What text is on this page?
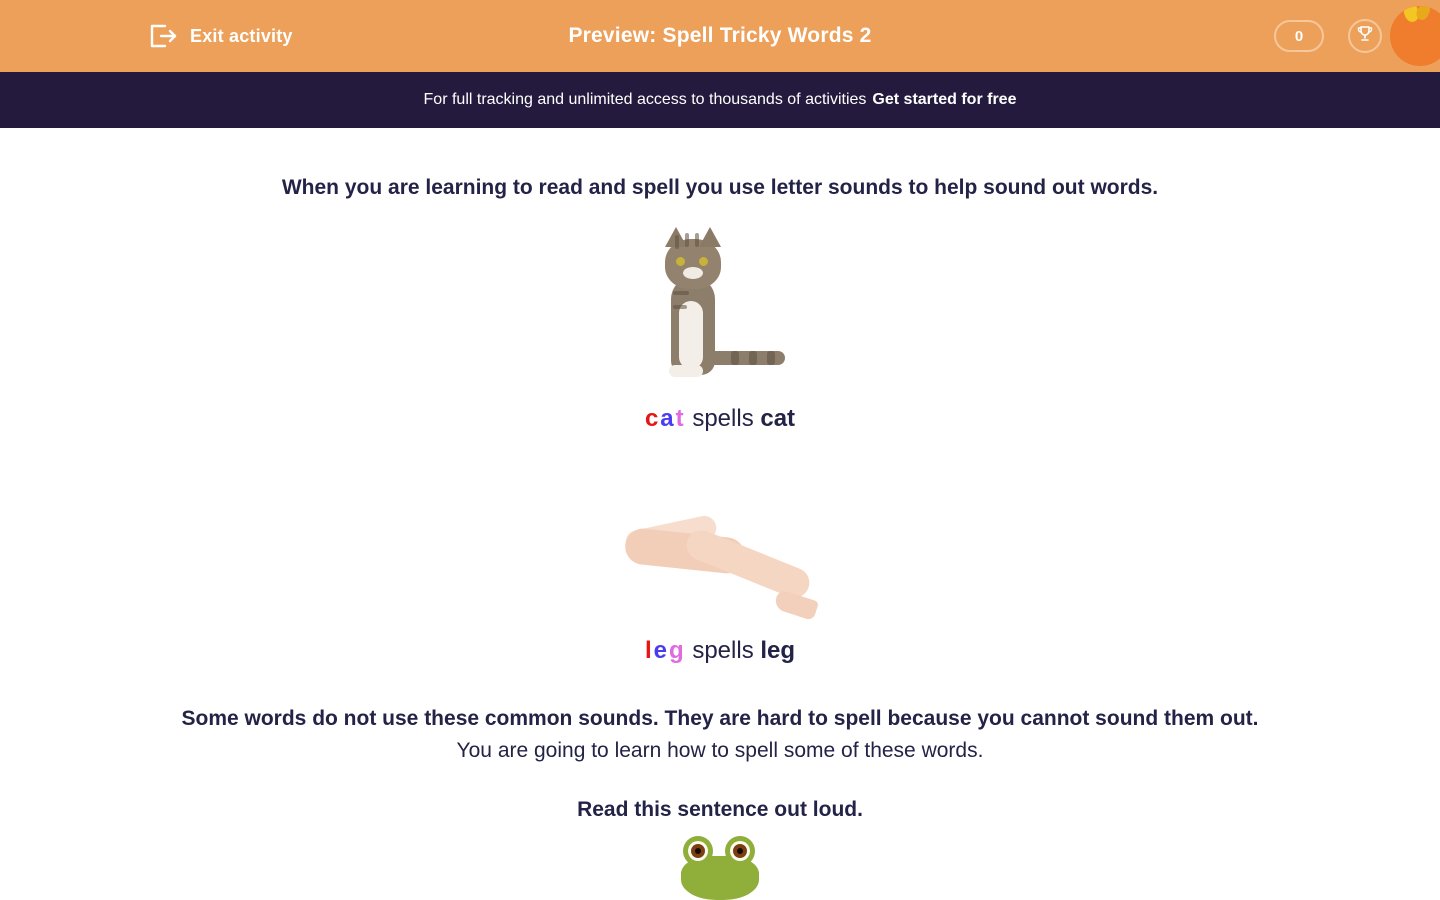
Exit activity	Preview: Spell Tricky Words 2	0
For full tracking and unlimited access to thousands of activities Get started for free
When you are learning to read and spell you use letter sounds to help sound out words.
cat spells cat
leg spells leg
Some words do not use these common sounds. They are hard to spell because you cannot sound them out.
You are going to learn how to spell some of these words.
Read this sentence out loud.
